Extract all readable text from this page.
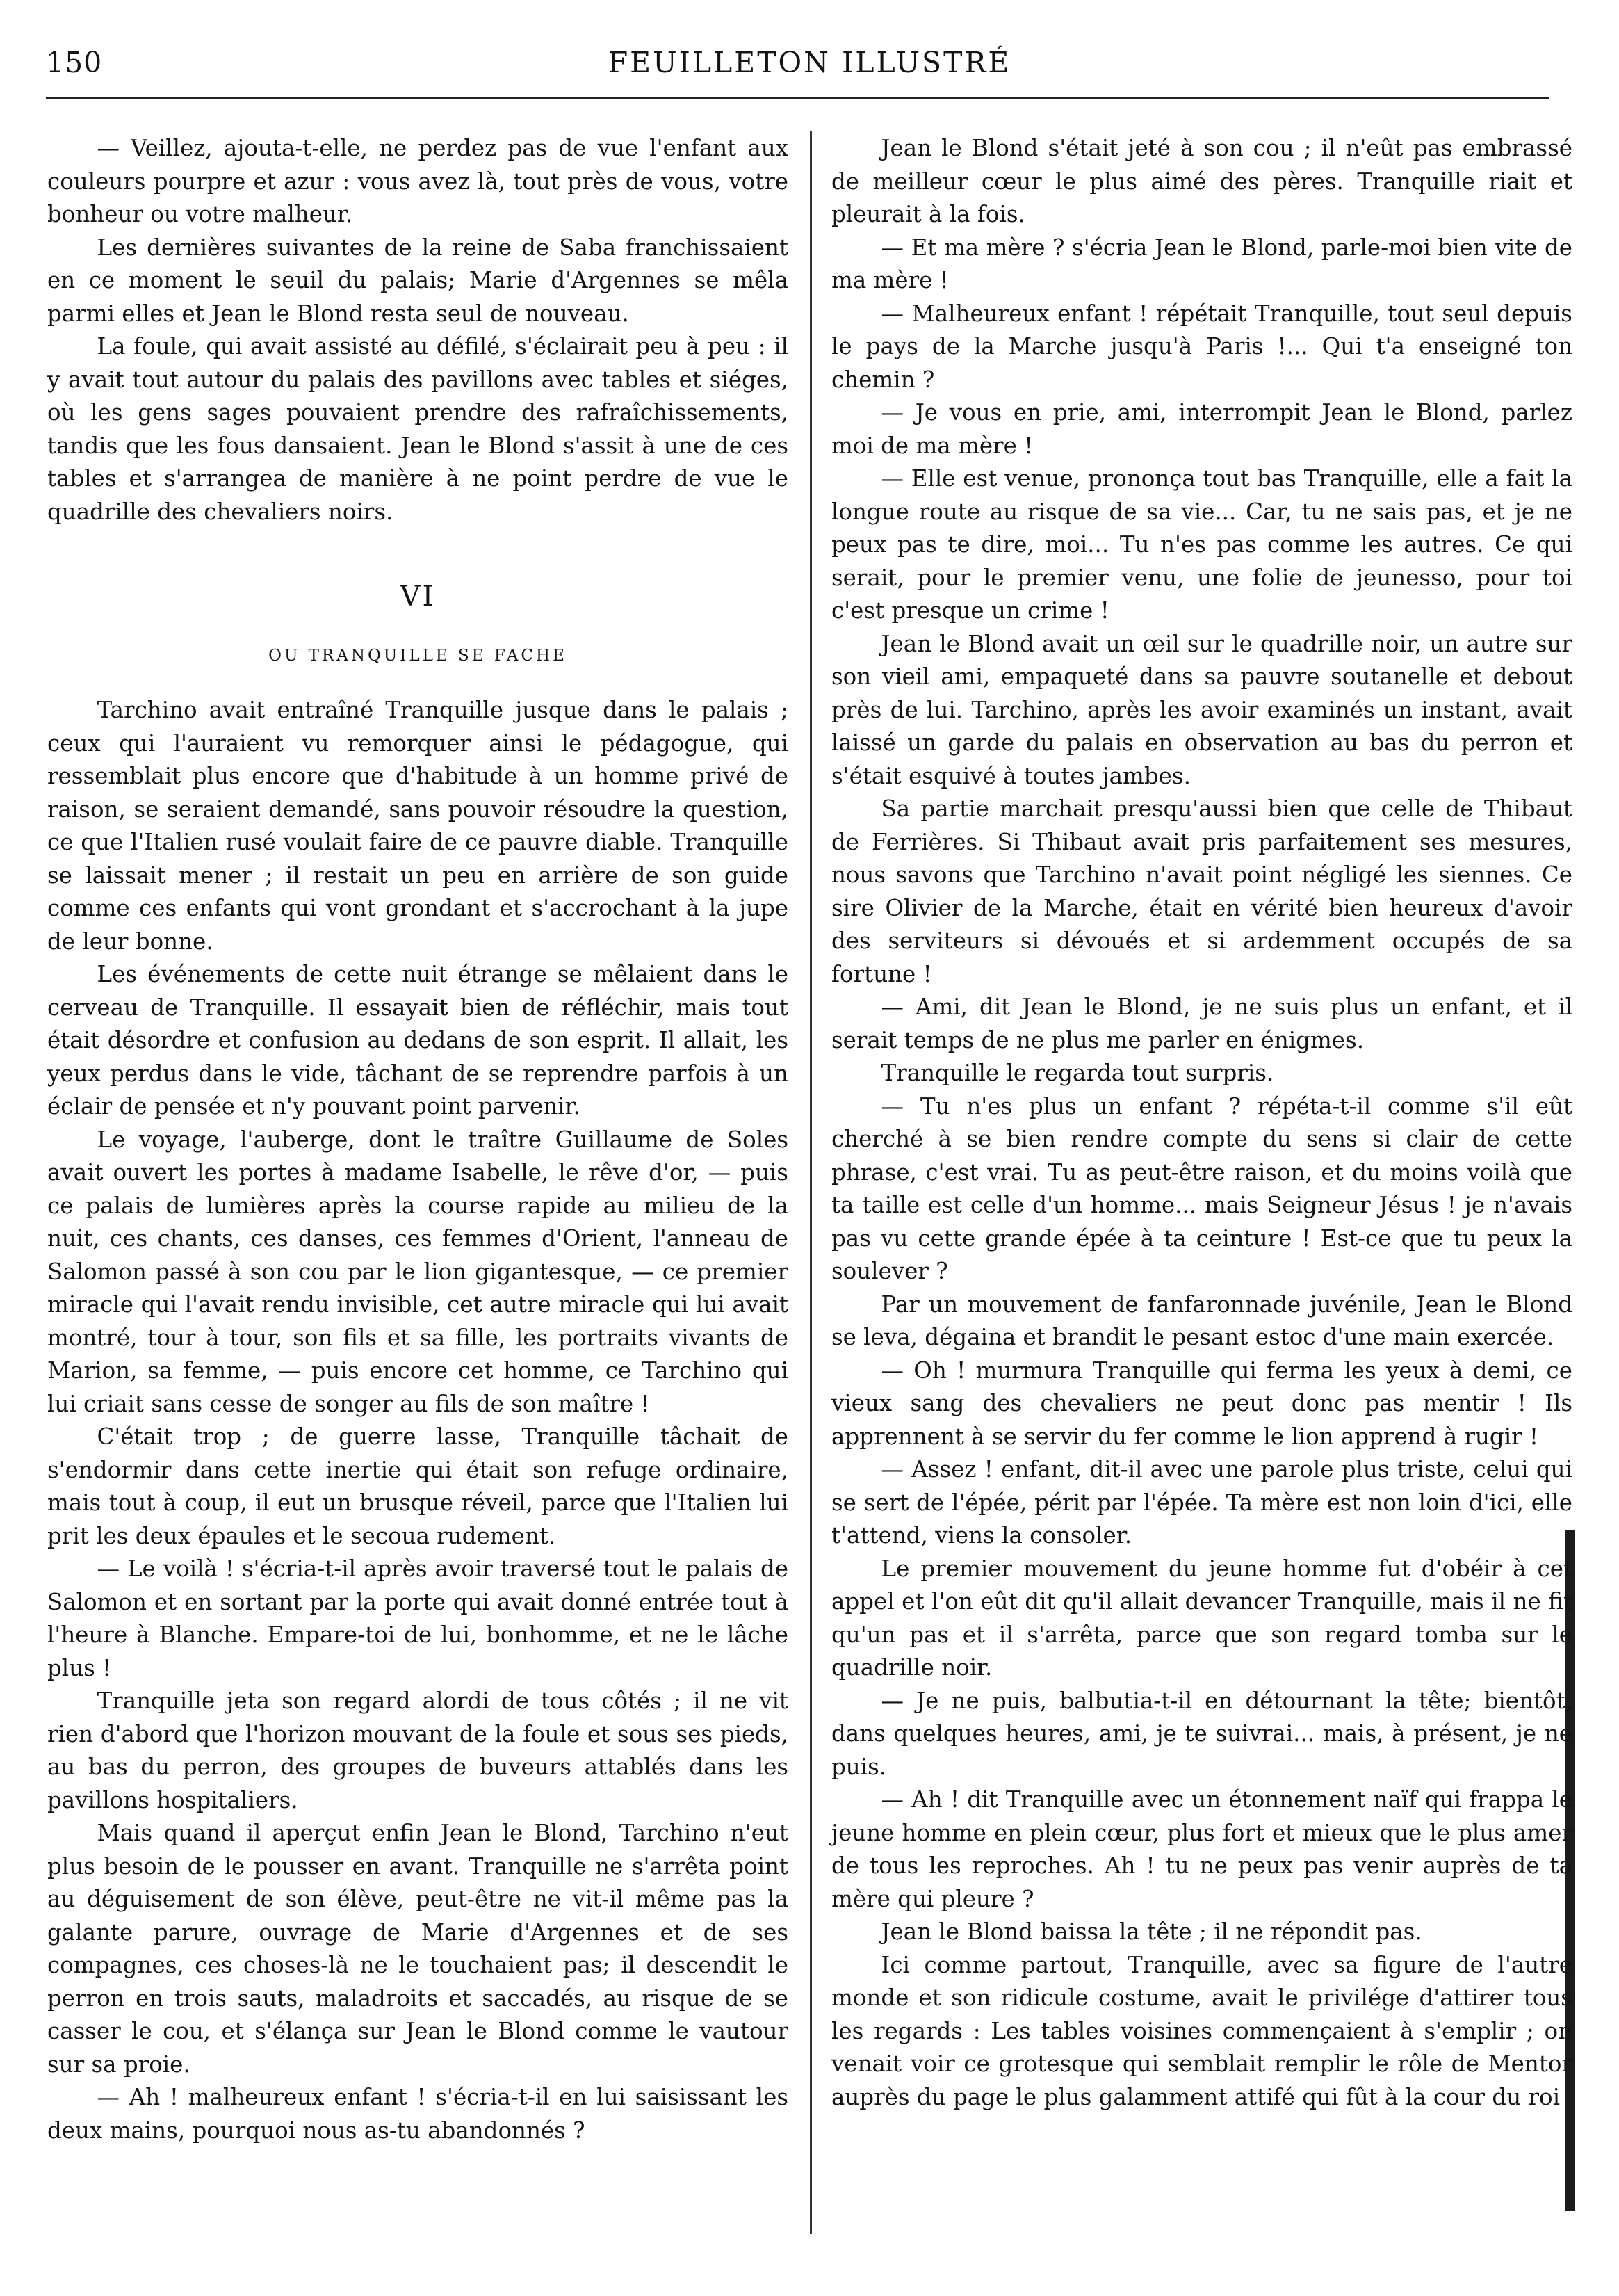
150	FEUILLETON ILLUSTRÉ

— Veillez, ajouta-t-elle, ne perdez pas de vue l'enfant aux couleurs pourpre et azur : vous avez là, tout près de vous, votre bonheur ou votre malheur.

Les dernières suivantes de la reine de Saba franchissaient en ce moment le seuil du palais; Marie d'Argennes se mêla parmi elles et Jean le Blond resta seul de nouveau.

La foule, qui avait assisté au défilé, s'éclairait peu à peu : il y avait tout autour du palais des pavillons avec tables et siéges, où les gens sages pouvaient prendre des rafraîchissements, tandis que les fous dansaient. Jean le Blond s'assit à une de ces tables et s'arrangea de manière à ne point perdre de vue le quadrille des chevaliers noirs.

VI
OU TRANQUILLE SE FACHE

Tarchino avait entraîné Tranquille jusque dans le palais ; ceux qui l'auraient vu remorquer ainsi le pédagogue, qui ressemblait plus encore que d'habitude à un homme privé de raison, se seraient demandé, sans pouvoir résoudre la question, ce que l'Italien rusé voulait faire de ce pauvre diable. Tranquille se laissait mener ; il restait un peu en arrière de son guide comme ces enfants qui vont grondant et s'accrochant à la jupe de leur bonne.

Les événements de cette nuit étrange se mêlaient dans le cerveau de Tranquille. Il essayait bien de réfléchir, mais tout était désordre et confusion au dedans de son esprit. Il allait, les yeux perdus dans le vide, tâchant de se reprendre parfois à un éclair de pensée et n'y pouvant point parvenir.

Le voyage, l'auberge, dont le traître Guillaume de Soles avait ouvert les portes à madame Isabelle, le rêve d'or, — puis ce palais de lumières après la course rapide au milieu de la nuit, ces chants, ces danses, ces femmes d'Orient, l'anneau de Salomon passé à son cou par le lion gigantesque, — ce premier miracle qui l'avait rendu invisible, cet autre miracle qui lui avait montré, tour à tour, son fils et sa fille, les portraits vivants de Marion, sa femme, — puis encore cet homme, ce Tarchino qui lui criait sans cesse de songer au fils de son maître !

C'était trop ; de guerre lasse, Tranquille tâchait de s'endormir dans cette inertie qui était son refuge ordinaire, mais tout à coup, il eut un brusque réveil, parce que l'Italien lui prit les deux épaules et le secoua rudement.

— Le voilà ! s'écria-t-il après avoir traversé tout le palais de Salomon et en sortant par la porte qui avait donné entrée tout à l'heure à Blanche. Empare-toi de lui, bonhomme, et ne le lâche plus !

Tranquille jeta son regard alordi de tous côtés ; il ne vit rien d'abord que l'horizon mouvant de la foule et sous ses pieds, au bas du perron, des groupes de buveurs attablés dans les pavillons hospitaliers.

Mais quand il aperçut enfin Jean le Blond, Tarchino n'eut plus besoin de le pousser en avant. Tranquille ne s'arrêta point au déguisement de son élève, peut-être ne vit-il même pas la galante parure, ouvrage de Marie d'Argennes et de ses compagnes, ces choses-là ne le touchaient pas; il descendit le perron en trois sauts, maladroits et saccadés, au risque de se casser le cou, et s'élança sur Jean le Blond comme le vautour sur sa proie.

— Ah ! malheureux enfant ! s'écria-t-il en lui saisissant les deux mains, pourquoi nous as-tu abandonnés ?

Jean le Blond s'était jeté à son cou ; il n'eût pas embrassé de meilleur cœur le plus aimé des pères. Tranquille riait et pleurait à la fois.

— Et ma mère ? s'écria Jean le Blond, parle-moi bien vite de ma mère !

— Malheureux enfant ! répétait Tranquille, tout seul depuis le pays de la Marche jusqu'à Paris !... Qui t'a enseigné ton chemin ?

— Je vous en prie, ami, interrompit Jean le Blond, parlez moi de ma mère !

— Elle est venue, prononça tout bas Tranquille, elle a fait la longue route au risque de sa vie... Car, tu ne sais pas, et je ne peux pas te dire, moi... Tu n'es pas comme les autres. Ce qui serait, pour le premier venu, une folie de jeunesso, pour toi c'est presque un crime !

Jean le Blond avait un œil sur le quadrille noir, un autre sur son vieil ami, empaqueté dans sa pauvre soutanelle et debout près de lui. Tarchino, après les avoir examinés un instant, avait laissé un garde du palais en observation au bas du perron et s'était esquivé à toutes jambes.

Sa partie marchait presqu'aussi bien que celle de Thibaut de Ferrières. Si Thibaut avait pris parfaitement ses mesures, nous savons que Tarchino n'avait point négligé les siennes. Ce sire Olivier de la Marche, était en vérité bien heureux d'avoir des serviteurs si dévoués et si ardemment occupés de sa fortune !

— Ami, dit Jean le Blond, je ne suis plus un enfant, et il serait temps de ne plus me parler en énigmes.

Tranquille le regarda tout surpris.

— Tu n'es plus un enfant ? répéta-t-il comme s'il eût cherché à se bien rendre compte du sens si clair de cette phrase, c'est vrai. Tu as peut-être raison, et du moins voilà que ta taille est celle d'un homme... mais Seigneur Jésus ! je n'avais pas vu cette grande épée à ta ceinture ! Est-ce que tu peux la soulever ?

Par un mouvement de fanfaronnade juvénile, Jean le Blond se leva, dégaina et brandit le pesant estoc d'une main exercée.

— Oh ! murmura Tranquille qui ferma les yeux à demi, ce vieux sang des chevaliers ne peut donc pas mentir ! Ils apprennent à se servir du fer comme le lion apprend à rugir !

— Assez ! enfant, dit-il avec une parole plus triste, celui qui se sert de l'épée, périt par l'épée. Ta mère est non loin d'ici, elle t'attend, viens la consoler.

Le premier mouvement du jeune homme fut d'obéir à cet appel et l'on eût dit qu'il allait devancer Tranquille, mais il ne fit qu'un pas et il s'arrêta, parce que son regard tomba sur le quadrille noir.

— Je ne puis, balbutia-t-il en détournant la tête; bientôt, dans quelques heures, ami, je te suivrai... mais, à présent, je ne puis.

— Ah ! dit Tranquille avec un étonnement naïf qui frappa le jeune homme en plein cœur, plus fort et mieux que le plus amer de tous les reproches. Ah ! tu ne peux pas venir auprès de ta mère qui pleure ?

Jean le Blond baissa la tête ; il ne répondit pas.

Ici comme partout, Tranquille, avec sa figure de l'autre monde et son ridicule costume, avait le privilége d'attirer tous les regards : Les tables voisines commençaient à s'emplir ; on venait voir ce grotesque qui semblait remplir le rôle de Mentor auprès du page le plus galamment attifé qui fût à la cour du roi
